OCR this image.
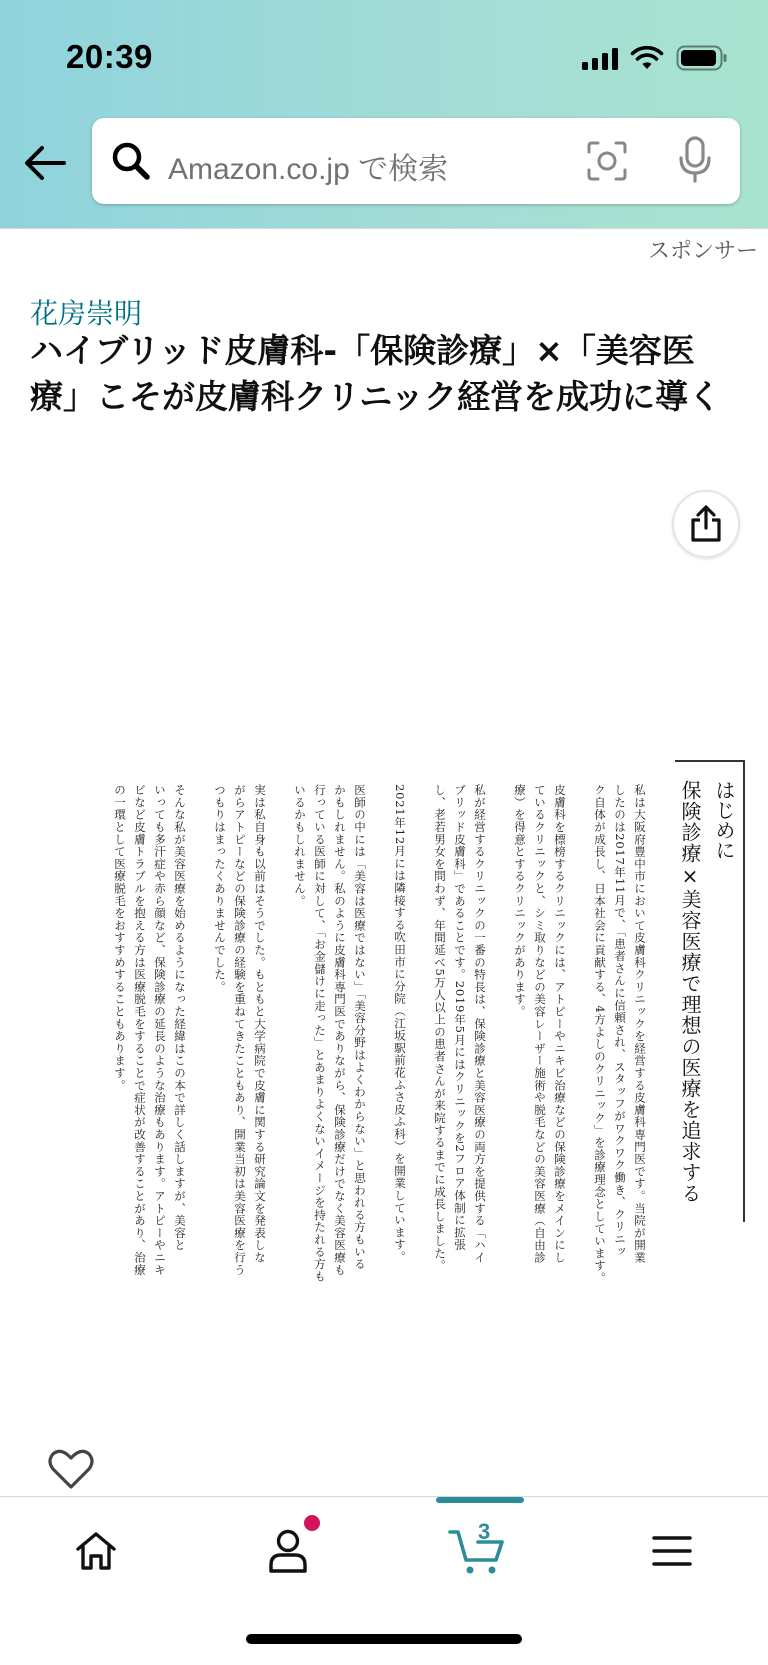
20:39
Amazon.co.jp で検索
スポンサー
花房崇明
ハイブリッド皮膚科-「保険診療」×「美容医療」こそが皮膚科クリニック経営を成功に導く
はじめに
保険診療×美容医療で理想の医療を追求する
私は大阪府豊中市において皮膚科クリニックを経営する皮膚科専門医です。当院が開業
したのは2017年11月で、「患者さんに信頼され、スタッフがワクワク働き、クリニッ
ク自体が成長し、日本社会に貢献する、4方よしのクリニック」を診療理念としています。
皮膚科を標榜するクリニックには、アトピーやニキビ治療などの保険診療をメインにし
ているクリニックと、シミ取りなどの美容レーザー施術や脱毛などの美容医療（自由診
療）を得意とするクリニックがあります。
私が経営するクリニックの一番の特長は、保険診療と美容医療の両方を提供する「ハイ
ブリッド皮膚科」であることです。2019年5月にはクリニックを2フロア体制に拡張
し、老若男女を問わず、年間延べ5万人以上の患者さんが来院するまでに成長しました。
2021年12月には隣接する吹田市に分院（江坂駅前花ふさ皮ふ科）を開業しています。
医師の中には「美容は医療ではない」「美容分野はよくわからない」と思われる方もいる
かもしれません。私のように皮膚科専門医でありながら、保険診療だけでなく美容医療も
行っている医師に対して、「お金儲けに走った」とあまりよくないイメージを持たれる方も
いるかもしれません。
実は私自身も以前はそうでした。もともと大学病院で皮膚に関する研究論文を発表しな
がらアトピーなどの保険診療の経験を重ねてきたこともあり、開業当初は美容医療を行う
つもりはまったくありませんでした。
そんな私が美容医療を始めるようになった経緯はこの本で詳しく話しますが、美容と
いっても多汗症や赤ら顔など、保険診療の延長のような治療もあります。アトピーやニキ
ビなど皮膚トラブルを抱える方は医療脱毛をすることで症状が改善することがあり、治療
の一環として医療脱毛をおすすめすることもあります。
3
